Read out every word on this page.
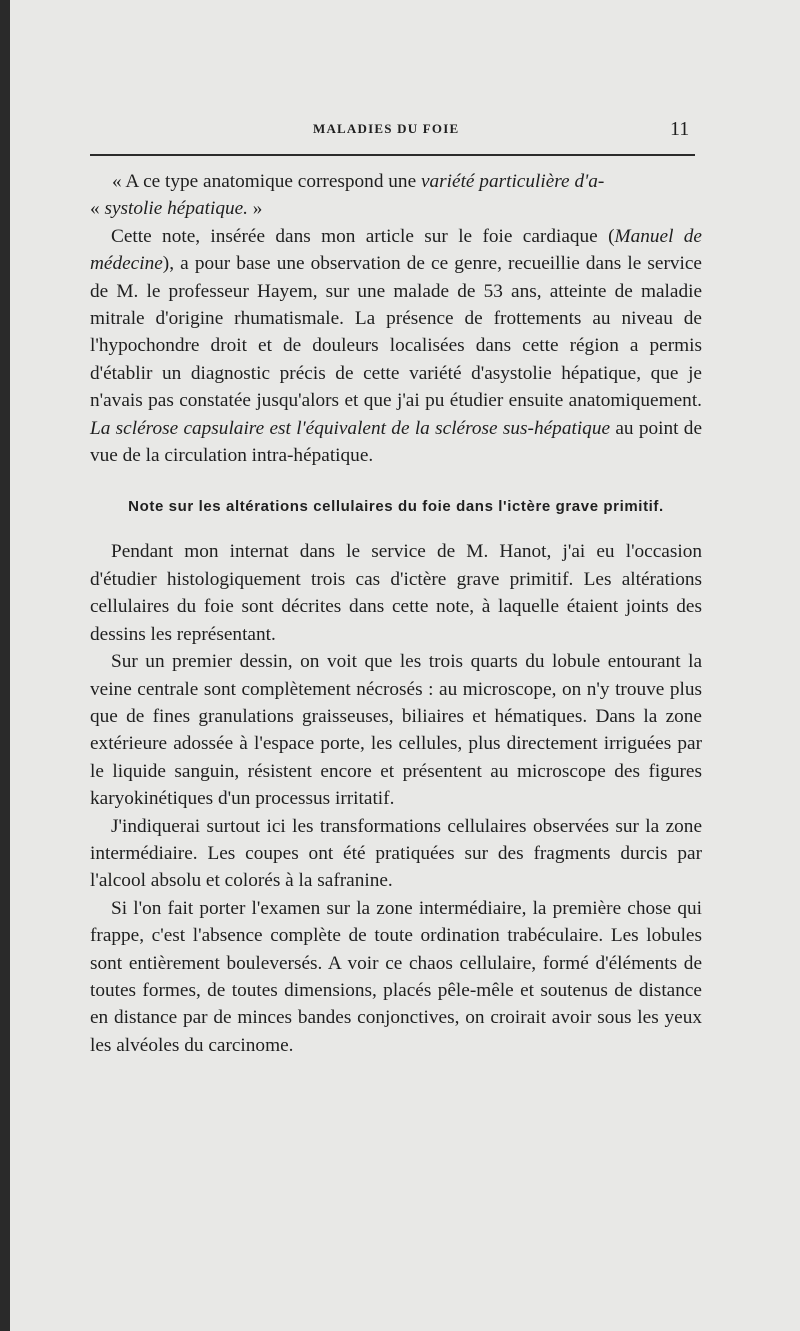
MALADIES DU FOIE	11

« A ce type anatomique correspond une variété particulière d'a-

« systolie hépatique. »

Cette note, insérée dans mon article sur le foie cardiaque (Manuel de médecine), a pour base une observation de ce genre, recueillie dans le service de M. le professeur Hayem, sur une malade de 53 ans, atteinte de maladie mitrale d'origine rhumatismale. La présence de frottements au niveau de l'hypochondre droit et de douleurs localisées dans cette région a permis d'établir un diagnostic précis de cette variété d'asystolie hépatique, que je n'avais pas constatée jusqu'alors et que j'ai pu étudier ensuite anatomiquement. La sclérose capsulaire est l'équivalent de la sclérose sus-hépatique au point de vue de la circulation intra-hépatique.

Note sur les altérations cellulaires du foie dans l'ictère grave primitif.

Pendant mon internat dans le service de M. Hanot, j'ai eu l'occasion d'étudier histologiquement trois cas d'ictère grave primitif. Les altérations cellulaires du foie sont décrites dans cette note, à laquelle étaient joints des dessins les représentant.

Sur un premier dessin, on voit que les trois quarts du lobule entourant la veine centrale sont complètement nécrosés : au microscope, on n'y trouve plus que de fines granulations graisseuses, biliaires et hématiques. Dans la zone extérieure adossée à l'espace porte, les cellules, plus directement irriguées par le liquide sanguin, résistent encore et présentent au microscope des figures karyokinétiques d'un processus irritatif.

J'indiquerai surtout ici les transformations cellulaires observées sur la zone intermédiaire. Les coupes ont été pratiquées sur des fragments durcis par l'alcool absolu et colorés à la safranine.

Si l'on fait porter l'examen sur la zone intermédiaire, la première chose qui frappe, c'est l'absence complète de toute ordination trabéculaire. Les lobules sont entièrement bouleversés. A voir ce chaos cellulaire, formé d'éléments de toutes formes, de toutes dimensions, placés pêle-mêle et soutenus de distance en distance par de minces bandes conjonctives, on croirait avoir sous les yeux les alvéoles du carcinome.
